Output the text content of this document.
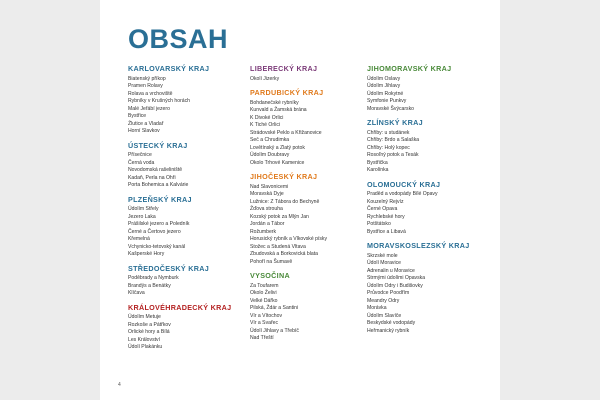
OBSAH
KARLOVARSKÝ KRAJ
Biatenský příkop
Pramen Rolavy
Rolava a vrchoviště
Rybníky v Krušných horách
Malé Jeřábí jezero
Bystřice
Žlutice a Vladař
Horní Slavkov
ÚSTECKÝ KRAJ
Přísečnice
Černá voda
Novodomská rašeliniště
Kadaň, Perla na Ohři
Porta Bohemica a Kalvárie
PLZEŇSKÝ KRAJ
Údolím Střely
Jezero Laka
Prášilské jezero a Poledník
Černé a Čertovo jezero
Křemelná
Vchynicko-tetovský kanál
Kašperské Hory
STŘEDOČESKÝ KRAJ
Poděbrady a Nymburk
Brandýs a Benátky
Klíčava
KRÁLOVÉHRADECKÝ KRAJ
Údolím Metuje
Rozkoše a Pátřkov
Orlické hory a Bílá
Les Království
Údolí Plakánku
LIBERECKÝ KRAJ
Okolí Jizerky
PARDUBICKÝ KRAJ
Bohdanečské rybníky
Kunvald a Žamská brána
K Divoké Orlici
K Tiché Orlici
Strádovské Peklo a Křižanovice
Seč a Chrudimka
Lovětínský a Zlatý potok
Údolím Doubravy
Okolo Trhové Kamenice
JIHOČESKÝ KRAJ
Nad Slavonicemi
Moravská Dyje
Lužnice: Z Tábora do Bechyně
Žďova strouha
Kozský potok za Mlýn Jan
Jordán a Tábor
Rožumberk
Horusický rybník a Vlkovské písky
Stožec a Studená Vltava
Zbudovská a Borkovická blata
Pohoří na Šumavě
VYSOČINA
Za Toufarem
Okolo Želivi
Velké Dářko
Pilská, Ždár a Santini
Vír a Vítochov
Vír a Svařec
Údolí Jihlavy a Třebíč
Nad Třeští
JIHOMORAVSKÝ KRAJ
Údolím Oslavy
Údolím Jihlavy
Údolím Rokytné
Symfonie Punkvy
Moravské Švýcarsko
ZLÍNSKÝ KRAJ
Chřiby: u studánek
Chřiby: Brdo a Salaška
Chřiby: Holý kopec
Rosoľný potok a Tesák
Bystřička
Karolínka
OLOMOUCKÝ KRAJ
Praděd a vodopády Bílé Opavy
Kouzelný Rejvíz
Černé Opava
Rychlebské hory
Potštátsko
Bystřice a Libavá
MORAVSKOSLEZSKÝ KRAJ
Skrzské mole
Údolí Moravice
Adrenalin u Moravice
Strmými údolími Opavska
Údolím Odry i Budišovky
Průvodce Poodřím
Meandry Odry
Morávka
Údolím Slavíče
Beskydské vodopády
Heřmanický rybník
4
